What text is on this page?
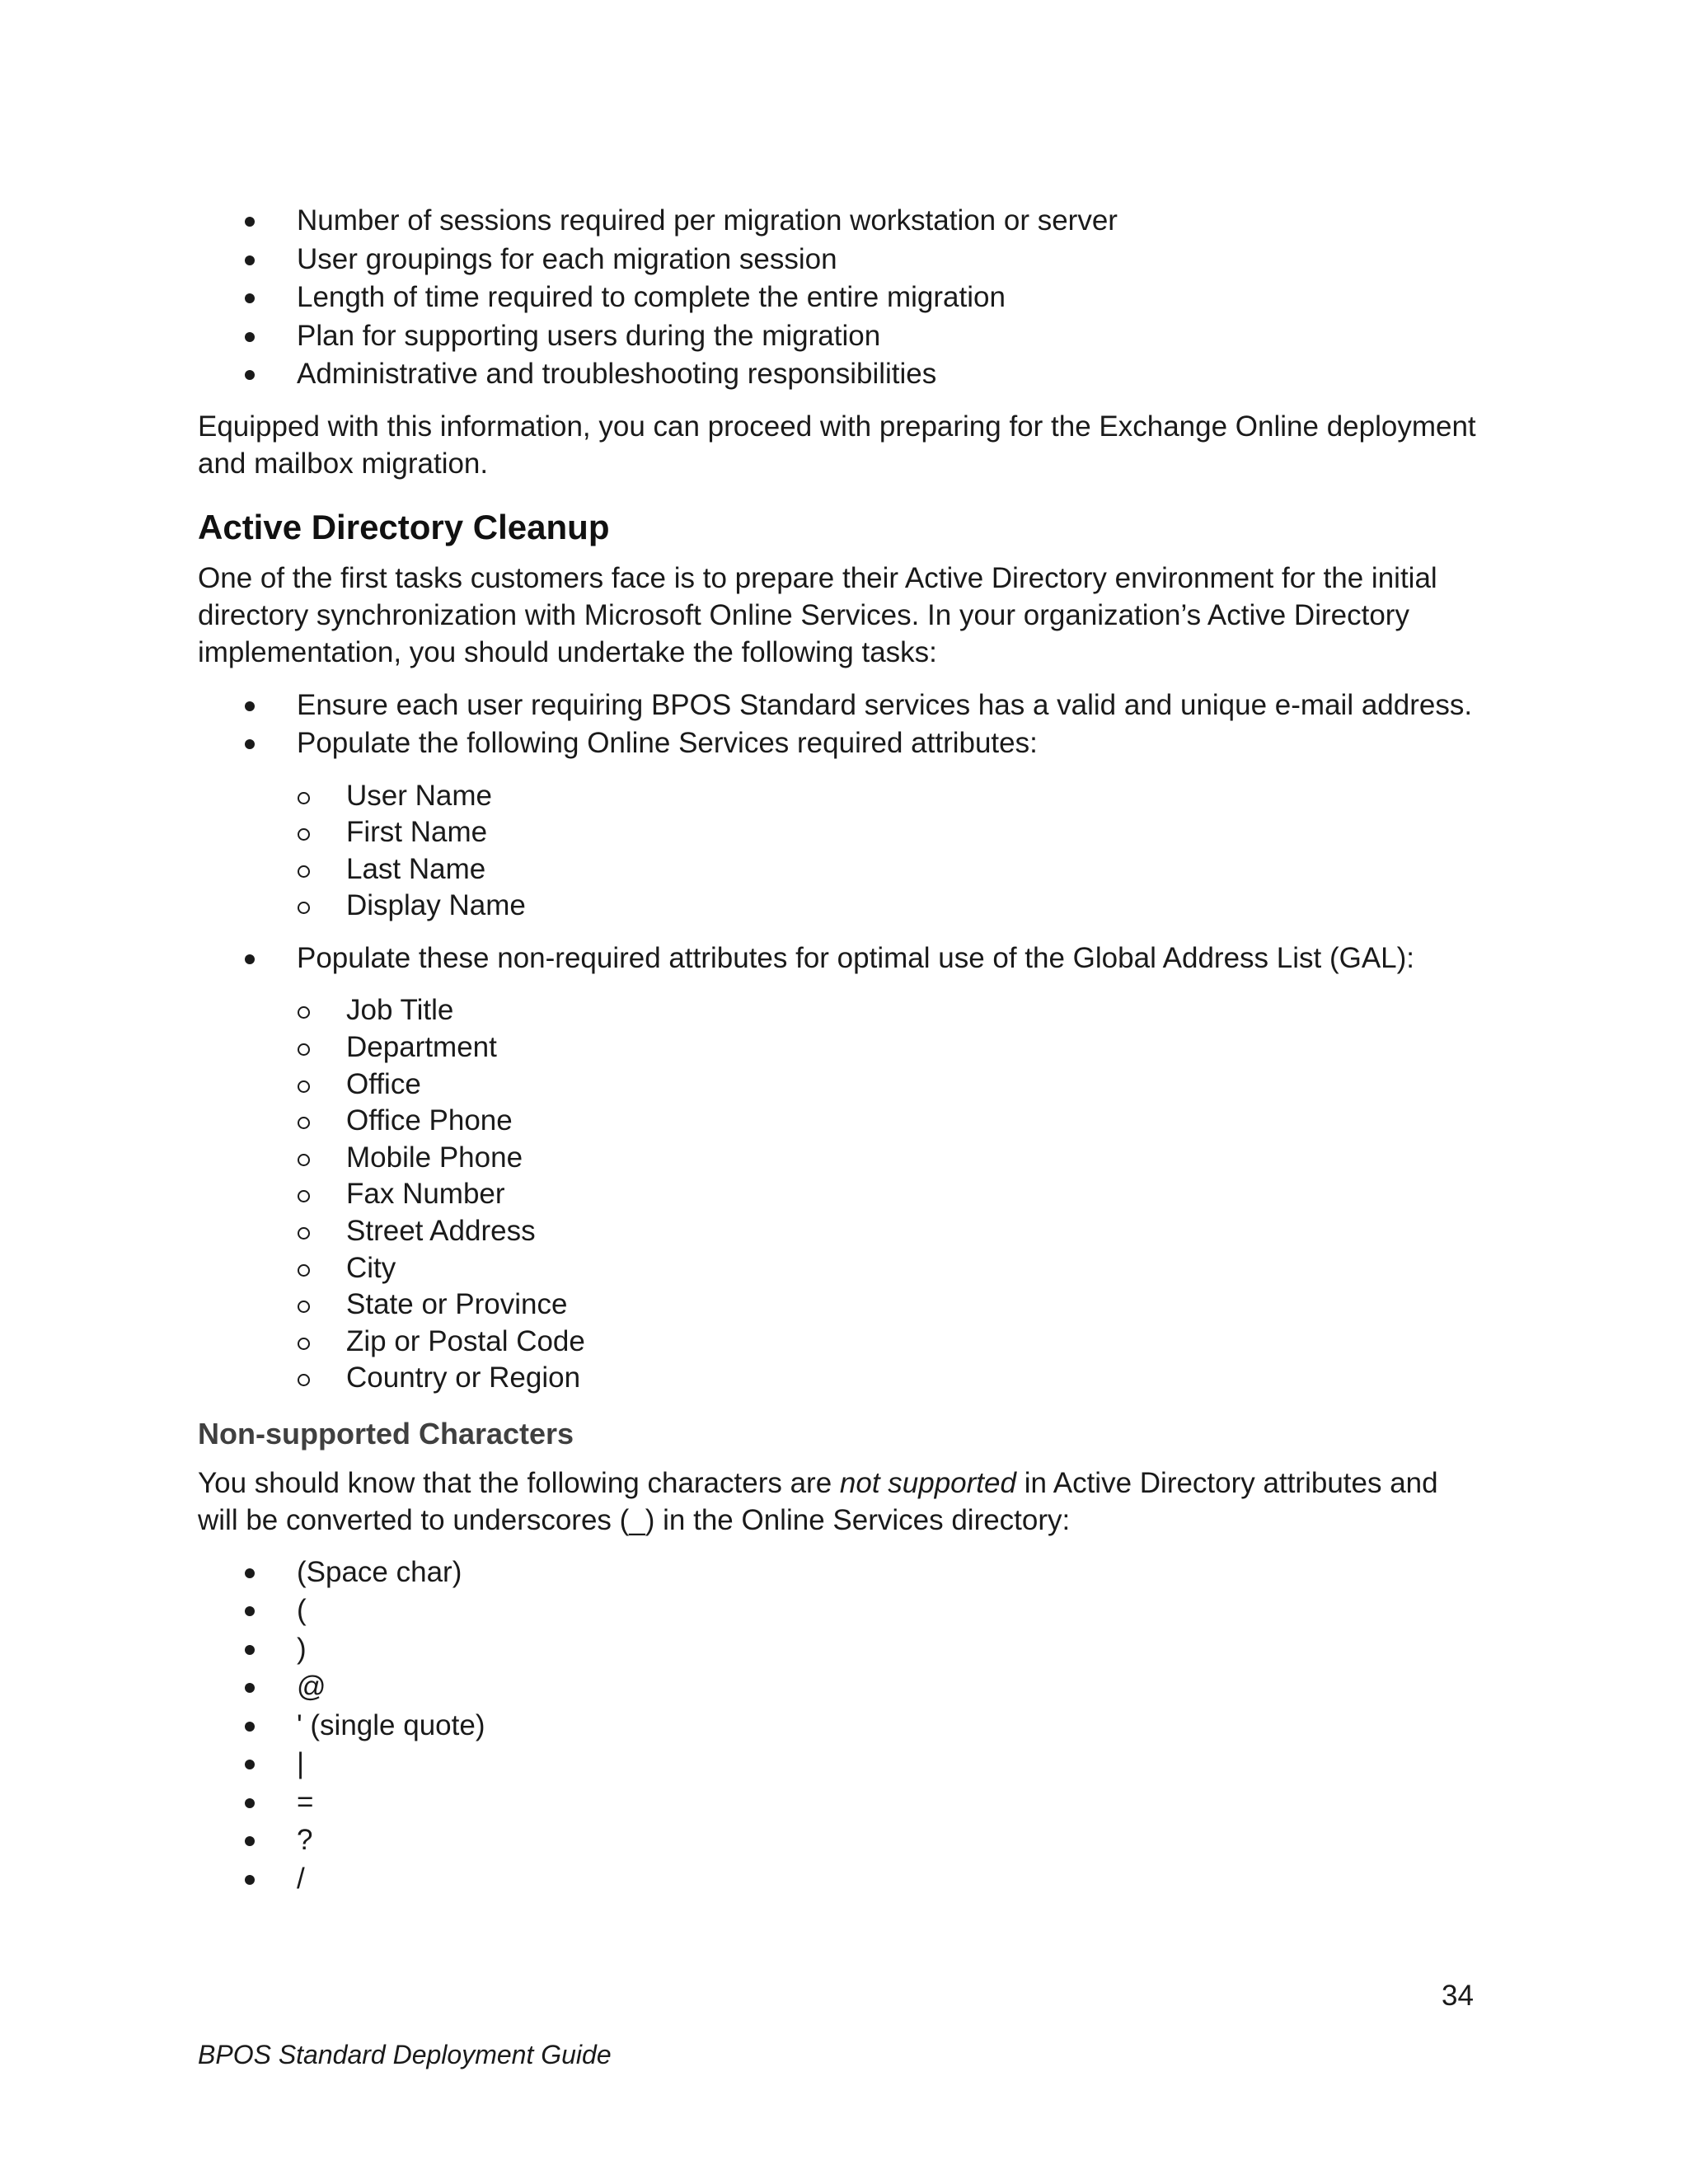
Number of sessions required per migration workstation or server
User groupings for each migration session
Length of time required to complete the entire migration
Plan for supporting users during the migration
Administrative and troubleshooting responsibilities

Equipped with this information, you can proceed with preparing for the Exchange Online deployment and mailbox migration.

Active Directory Cleanup

One of the first tasks customers face is to prepare their Active Directory environment for the initial directory synchronization with Microsoft Online Services. In your organization’s Active Directory implementation, you should undertake the following tasks:

Ensure each user requiring BPOS Standard services has a valid and unique e-mail address.
Populate the following Online Services required attributes:
User Name
First Name
Last Name
Display Name
Populate these non-required attributes for optimal use of the Global Address List (GAL):
Job Title
Department
Office
Office Phone
Mobile Phone
Fax Number
Street Address
City
State or Province
Zip or Postal Code
Country or Region
Non-supported Characters

You should know that the following characters are not supported in Active Directory attributes and will be converted to underscores (_) in the Online Services directory:

(Space char)
(
)
@
' (single quote)
|
=
?
/
34
BPOS Standard Deployment Guide
